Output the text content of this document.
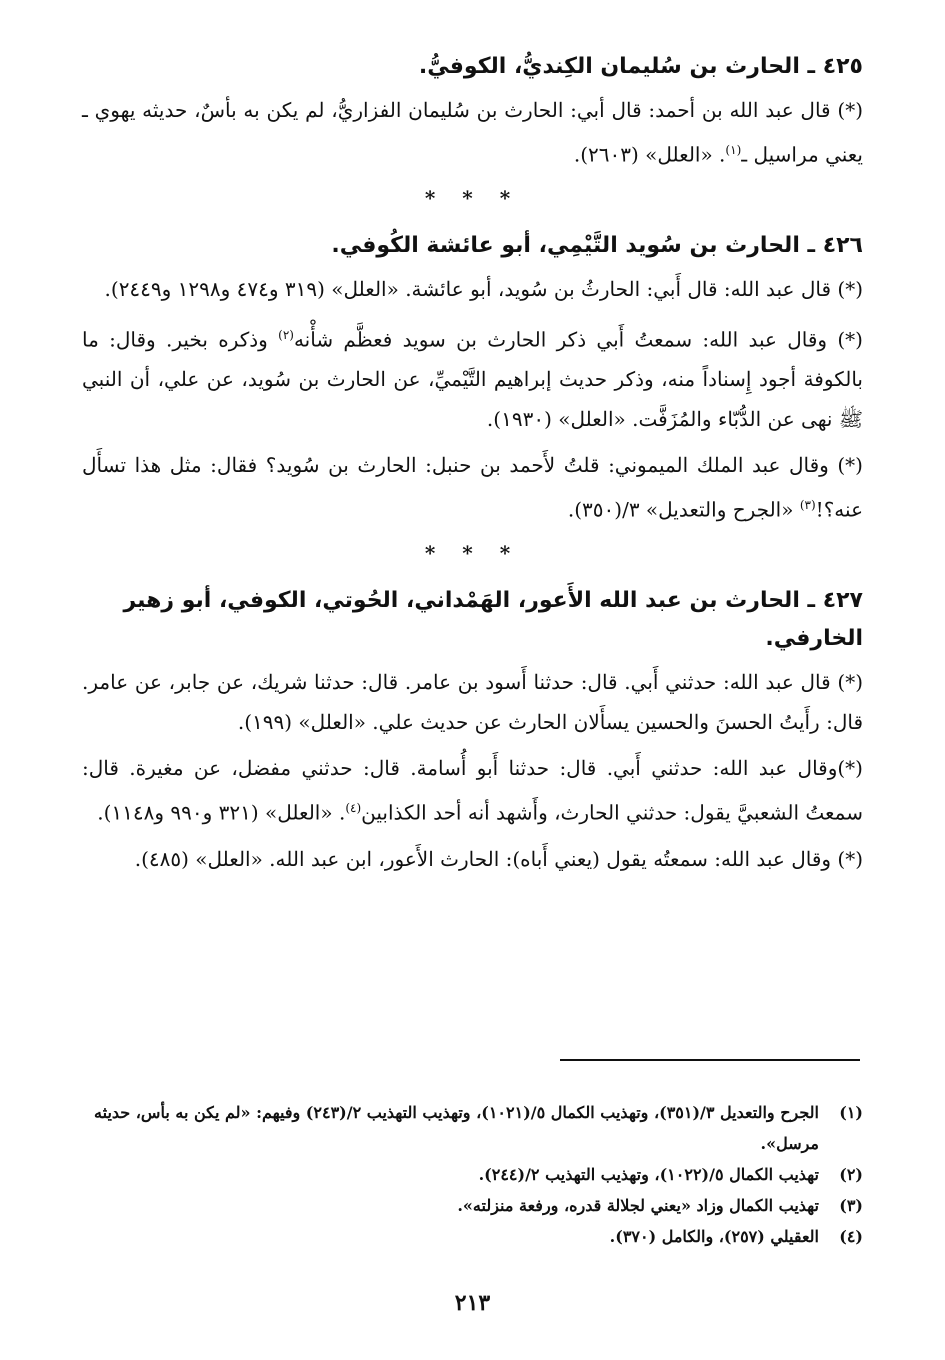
٤٢٥ ـ الحارث بن سُليمان الكِنديُّ، الكوفيُّ.

(*) قال عبد الله بن أحمد: قال أبي: الحارث بن سُليمان الفزاريُّ، لم يكن به بأسٌ، حديثه يهوي ـ يعني مراسيل ـ$^{(١)}$. «العلل» (٢٦٠٣).

* * *
٤٢٦ ـ الحارث بن سُويد التَّيْمِي، أبو عائشة الكُوفي.

(*) قال عبد الله: قال أَبي: الحارثُ بن سُويد، أبو عائشة. «العلل» (٣١٩ و٤٧٤ و١٢٩٨ و٢٤٤٩).

(*) وقال عبد الله: سمعتُ أَبي ذكر الحارث بن سويد فعظَّم شأْنه$^{(٢)}$ وذكره بخير. وقال: ما بالكوفة أجود إِسناداً منه، وذكر حديث إبراهيم التَّيْميِّ، عن الحارث بن سُويد، عن علي، أن النبي ﷺ نهى عن الدُّبّاء والمُزَفَّت. «العلل» (١٩٣٠).

(*) وقال عبد الملك الميموني: قلتُ لأَحمد بن حنبل: الحارث بن سُويد؟ فقال: مثل هذا تسأَل عنه؟!$^{(٣)}$ «الجرح والتعديل» ٣/(٣٥٠).

* * *
٤٢٧ ـ الحارث بن عبد الله الأَعور، الهَمْداني، الحُوتي، الكوفي، أبو زهير الخارفي.

(*) قال عبد الله: حدثني أَبي. قال: حدثنا أَسود بن عامر. قال: حدثنا شريك، عن جابر، عن عامر. قال: رأَيتُ الحسنَ والحسين يسأَلان الحارث عن حديث علي. «العلل» (١٩٩).

(*)وقال عبد الله: حدثني أَبي. قال: حدثنا أَبو أُسامة. قال: حدثني مفضل، عن مغيرة. قال: سمعتُ الشعبيَّ يقول: حدثني الحارث، وأَشهد أنه أحد الكذابين$^{(٤)}$. «العلل» (٣٢١ و٩٩٠ و١١٤٨).

(*) وقال عبد الله: سمعتُه يقول (يعني أَباه): الحارث الأَعور، ابن عبد الله. «العلل» (٤٨٥).

(١)
الجرح والتعديل ٣/(٣٥١)، وتهذيب الكمال ٥/(١٠٢١)، وتهذيب التهذيب ٢/(٢٤٣) وفيهم: «لم يكن به بأس، حديثه مرسل».
(٢)
تهذيب الكمال ٥/(١٠٢٢)، وتهذيب التهذيب ٢/(٢٤٤).
(٣)
تهذيب الكمال وزاد «يعني لجلالة قدره، ورفعة منزلته».
(٤)
العقيلي (٢٥٧)، والكامل (٣٧٠).
٢١٣
